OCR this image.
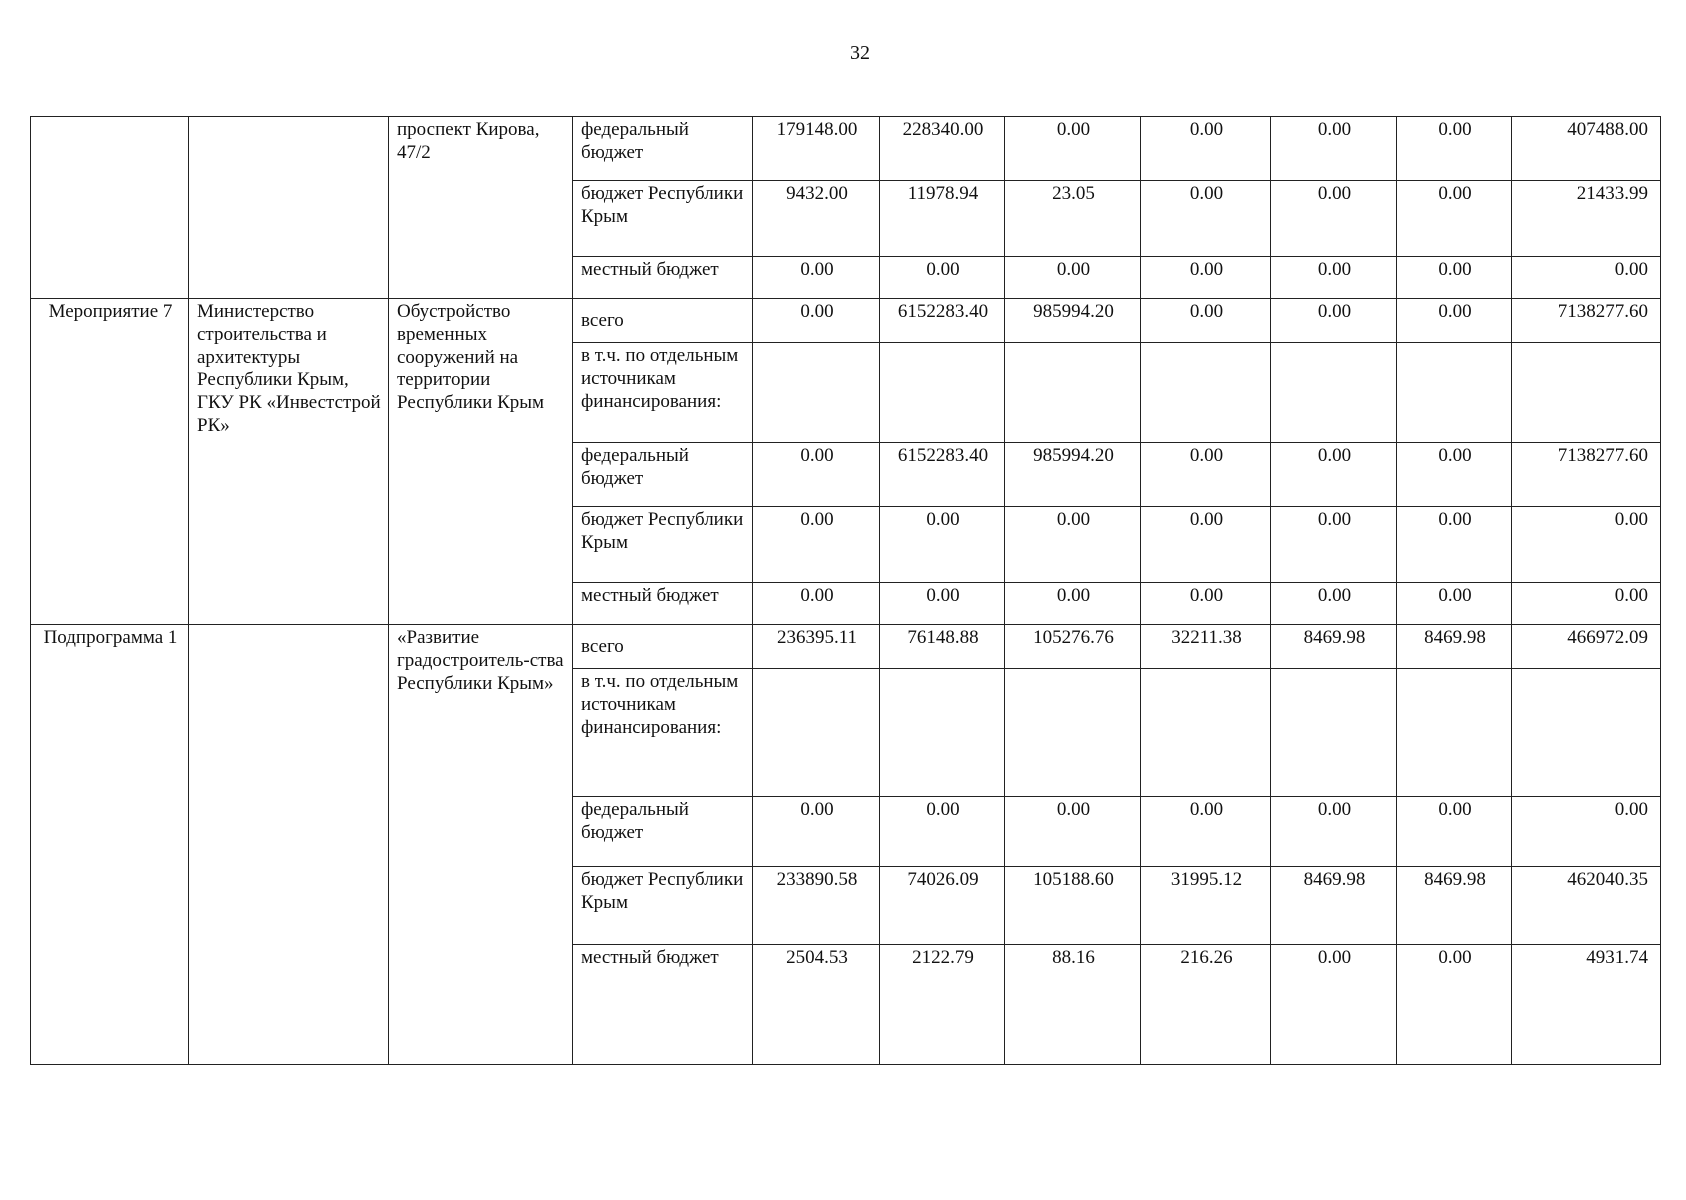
32
		проспект Кирова, 47/2	федеральный бюджет	179148.00	228340.00	0.00	0.00	0.00	0.00	407488.00
			бюджет Республики Крым	9432.00	11978.94	23.05	0.00	0.00	0.00	21433.99
			местный бюджет	0.00	0.00	0.00	0.00	0.00	0.00	0.00
Мероприятие 7	Министерство строительства и архитектуры Республики Крым, ГКУ РК «Инвестстрой РК»	Обустройство временных сооружений на территории Республики Крым	всего	0.00	6152283.40	985994.20	0.00	0.00	0.00	7138277.60
			в т.ч. по отдельным источникам финансирования:							
			федеральный бюджет	0.00	6152283.40	985994.20	0.00	0.00	0.00	7138277.60
			бюджет Республики Крым	0.00	0.00	0.00	0.00	0.00	0.00	0.00
			местный бюджет	0.00	0.00	0.00	0.00	0.00	0.00	0.00
Подпрограмма 1		«Развитие градостроитель-ства Республики Крым»	всего	236395.11	76148.88	105276.76	32211.38	8469.98	8469.98	466972.09
			в т.ч. по отдельным источникам финансирования:							
			федеральный бюджет	0.00	0.00	0.00	0.00	0.00	0.00	0.00
			бюджет Республики Крым	233890.58	74026.09	105188.60	31995.12	8469.98	8469.98	462040.35
			местный бюджет	2504.53	2122.79	88.16	216.26	0.00	0.00	4931.74
